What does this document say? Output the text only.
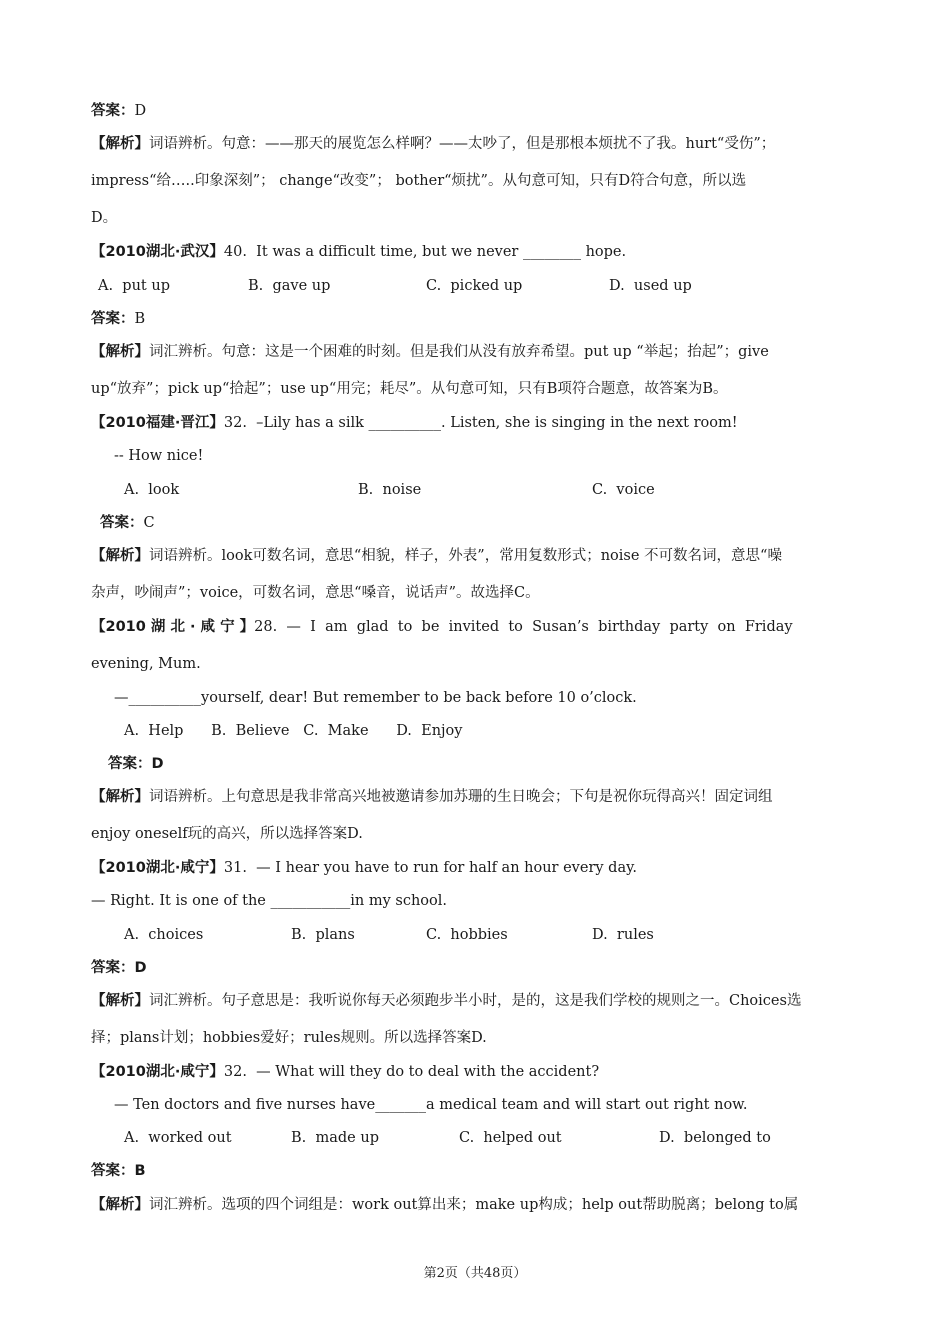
答案：D
【解析】词语辨析。句意：——那天的展览怎么样啊？——太吵了，但是那根本烦扰不了我。hurt“受伤”；
impress“给…..印象深刻”； change“改变”； bother“烦扰”。从句意可知，只有D符合句意，所以选
D。
【2010湖北·武汉】40.  It was a difficult time, but we never ________ hope.
A.  put up	B.  gave up	C.  picked up	D.  used up
答案：B
【解析】词汇辨析。句意：这是一个困难的时刻。但是我们从没有放弃希望。put up “举起；抬起”；give
up“放弃”；pick up“拾起”；use up“用完；耗尽”。从句意可知，只有B项符合题意，故答案为B。
【2010福建·晋江】32.  –Lily has a silk __________. Listen, she is singing in the next room!
-- How nice!
A.  look	B.  noise	C.  voice
答案：C
【解析】词语辨析。look可数名词，意思“相貌，样子，外表”，常用复数形式；noise 不可数名词，意思“噪
杂声，吵闹声”；voice，可数名词，意思“嗓音，说话声”。故选择C。
【2010 湖 北 · 咸 宁 】28.  —  I  am  glad  to  be  invited  to  Susan’s  birthday  party  on  Friday
evening, Mum.
—__________yourself, dear! But remember to be back before 10 o’clock.
A.  Help      B.  Believe   C.  Make      D.  Enjoy
答案：D
【解析】词语辨析。上句意思是我非常高兴地被邀请参加苏珊的生日晚会；下句是祝你玩得高兴！固定词组
enjoy oneself玩的高兴，所以选择答案D.
【2010湖北·咸宁】31.  — I hear you have to run for half an hour every day.
— Right. It is one of the ___________in my school.
A.  choices	B.  plans	C.  hobbies	D.  rules
答案：D
【解析】词汇辨析。句子意思是：我听说你每天必须跑步半小时，是的，这是我们学校的规则之一。Choices选
择；plans计划；hobbies爱好；rules规则。所以选择答案D.
【2010湖北·咸宁】32.  — What will they do to deal with the accident?
— Ten doctors and five nurses have_______a medical team and will start out right now.
A.  worked out	B.  made up	C.  helped out	D.  belonged to
答案：B
【解析】词汇辨析。选项的四个词组是：work out算出来；make up构成；help out帮助脱离；belong to属
第2页（共48页）
